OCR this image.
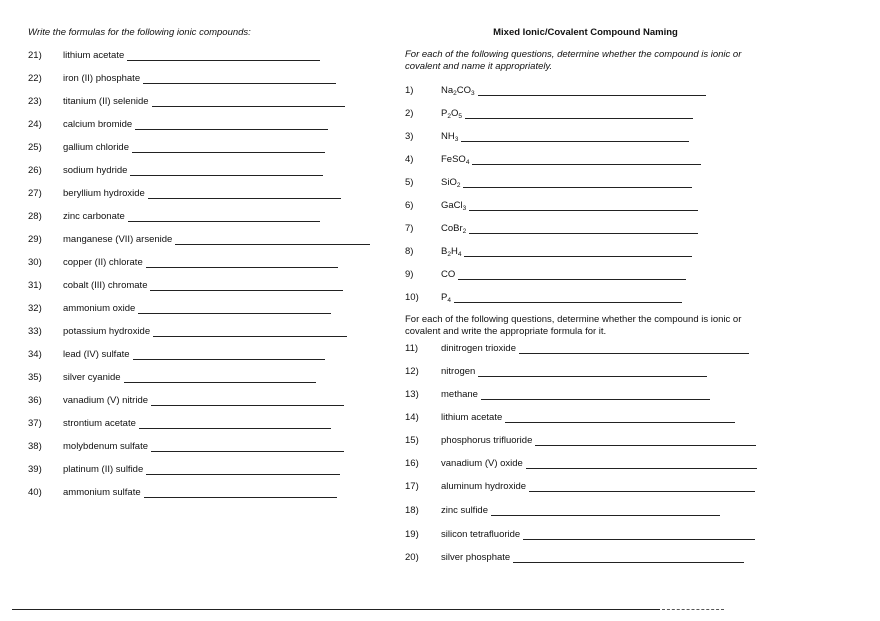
Write the formulas for the following ionic compounds:
21)	lithium acetate
22)	iron (II) phosphate
23)	titanium (II) selenide
24)	calcium bromide
25)	gallium chloride
26)	sodium hydride
27)	beryllium hydroxide
28)	zinc carbonate
29)	manganese (VII) arsenide
30)	copper (II) chlorate
31)	cobalt (III) chromate
32)	ammonium oxide
33)	potassium hydroxide
34)	lead (IV) sulfate
35)	silver cyanide
36)	vanadium (V) nitride
37)	strontium acetate
38)	molybdenum sulfate
39)	platinum (II) sulfide
40)	ammonium sulfate
Mixed Ionic/Covalent Compound Naming
For each of the following questions, determine whether the compound is ionic or
covalent and name it appropriately.
1)	$Na_2CO_3$
2)	$P_2O_5$
3)	$NH_3$
4)	FeSO$_4$
5)	SiO$_2$
6)	GaCl$_3$
7)	CoBr$_2$
8)	$B_2H_4$
9)	CO
10)	$P_4$
For each of the following questions, determine whether the compound is ionic or
covalent and write the appropriate formula for it.
11)	dinitrogen trioxide
12)	nitrogen
13)	methane
14)	lithium acetate
15)	phosphorus trifluoride
16)	vanadium (V) oxide
17)	aluminum hydroxide
18)	zinc sulfide
19)	silicon tetrafluoride
20)	silver phosphate
